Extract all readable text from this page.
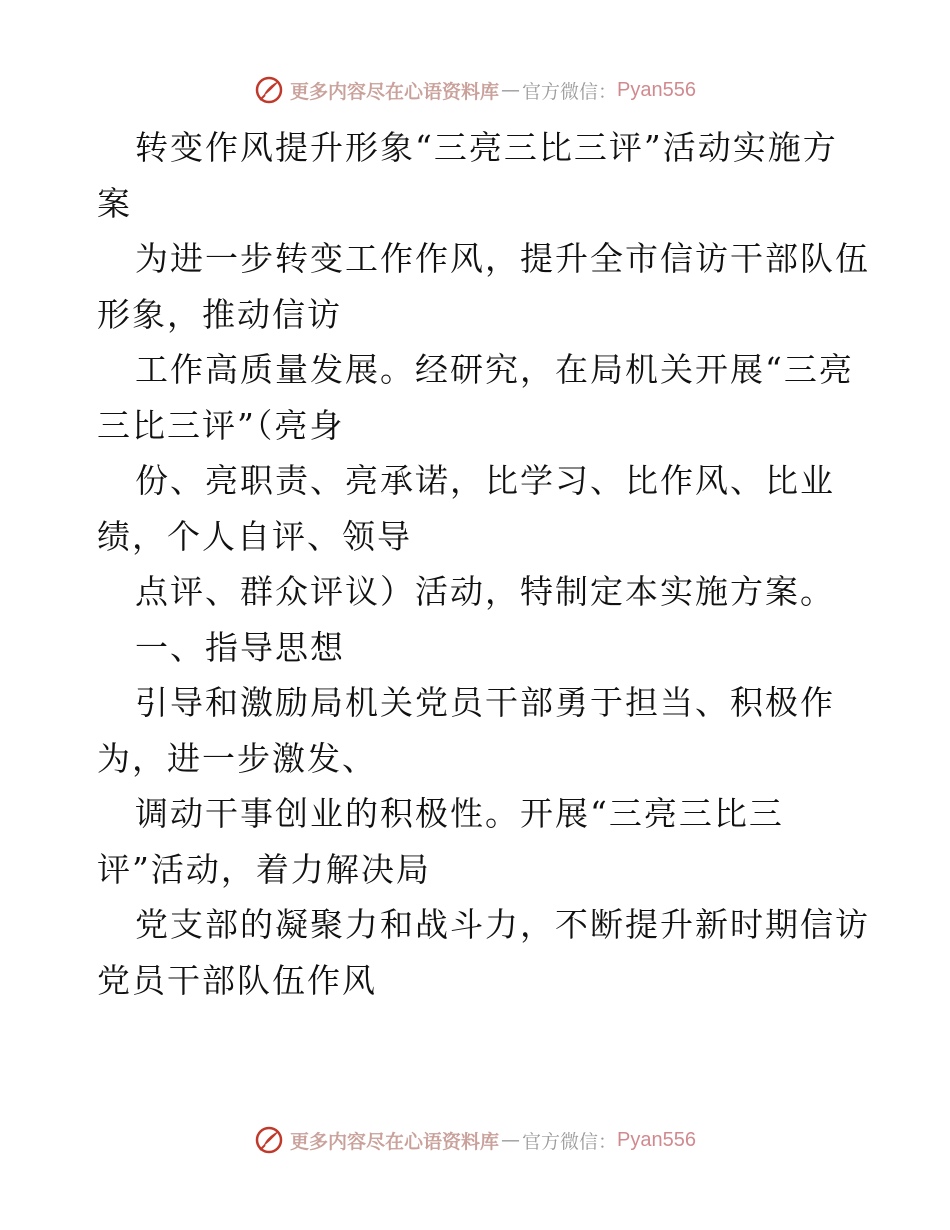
更多内容尽在心语资料库 — 官方微信： Pyan556
转变作风提升形象“三亮三比三评”活动实施方
案
为进一步转变工作作风，提升全市信访干部队伍
形象，推动信访
工作高质量发展。经研究，在局机关开展“三亮
三比三评”（亮身
份、亮职责、亮承诺，比学习、比作风、比业
绩，个人自评、领导
点评、群众评议）活动，特制定本实施方案。
一、指导思想
引导和激励局机关党员干部勇于担当、积极作
为，进一步激发、
调动干事创业的积极性。开展“三亮三比三
评”活动，着力解决局
党支部的凝聚力和战斗力，不断提升新时期信访
党员干部队伍作风
更多内容尽在心语资料库 — 官方微信： Pyan556
